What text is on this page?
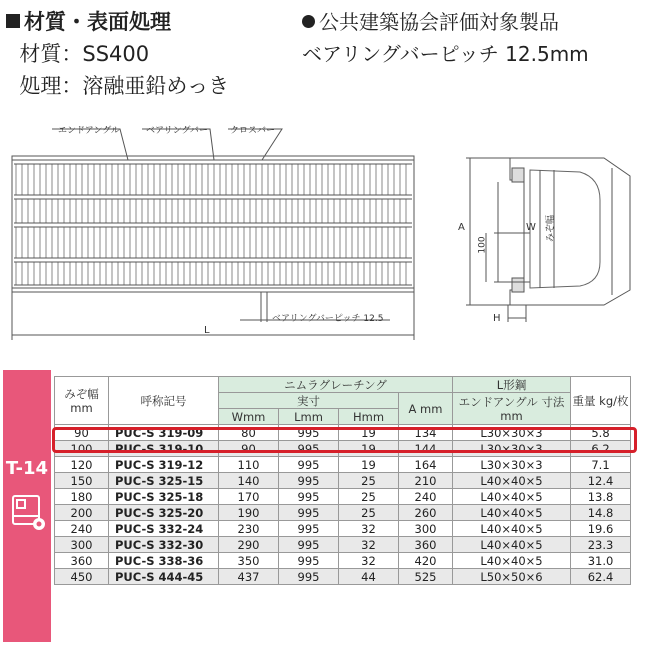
材質・表面処理
材質：SS400
処理：溶融亜鉛めっき
公共建築協会評価対象製品
ベアリングバーピッチ 12.5mm
エンドアングル	ベアリングバー クロスバー
ベアリングバーピッチ 12.5
L
A	W
100
みぞ幅
H
T-14
みぞ幅 mm	呼称記号	ニムラグレーチング				L形鋼	重量 kg/枚
		実寸			A mm	エンドアングル 寸法mm	
		Wmm	Lmm	Hmm			
90	PUC-S 319-09	80	995	19	134	L30×30×3	5.8
100	PUC-S 319-10	90	995	19	144	L30×30×3	6.2
120	PUC-S 319-12	110	995	19	164	L30×30×3	7.1
150	PUC-S 325-15	140	995	25	210	L40×40×5	12.4
180	PUC-S 325-18	170	995	25	240	L40×40×5	13.8
200	PUC-S 325-20	190	995	25	260	L40×40×5	14.8
240	PUC-S 332-24	230	995	32	300	L40×40×5	19.6
300	PUC-S 332-30	290	995	32	360	L40×40×5	23.3
360	PUC-S 338-36	350	995	32	420	L40×40×5	31.0
450	PUC-S 444-45	437	995	44	525	L50×50×6	62.4
